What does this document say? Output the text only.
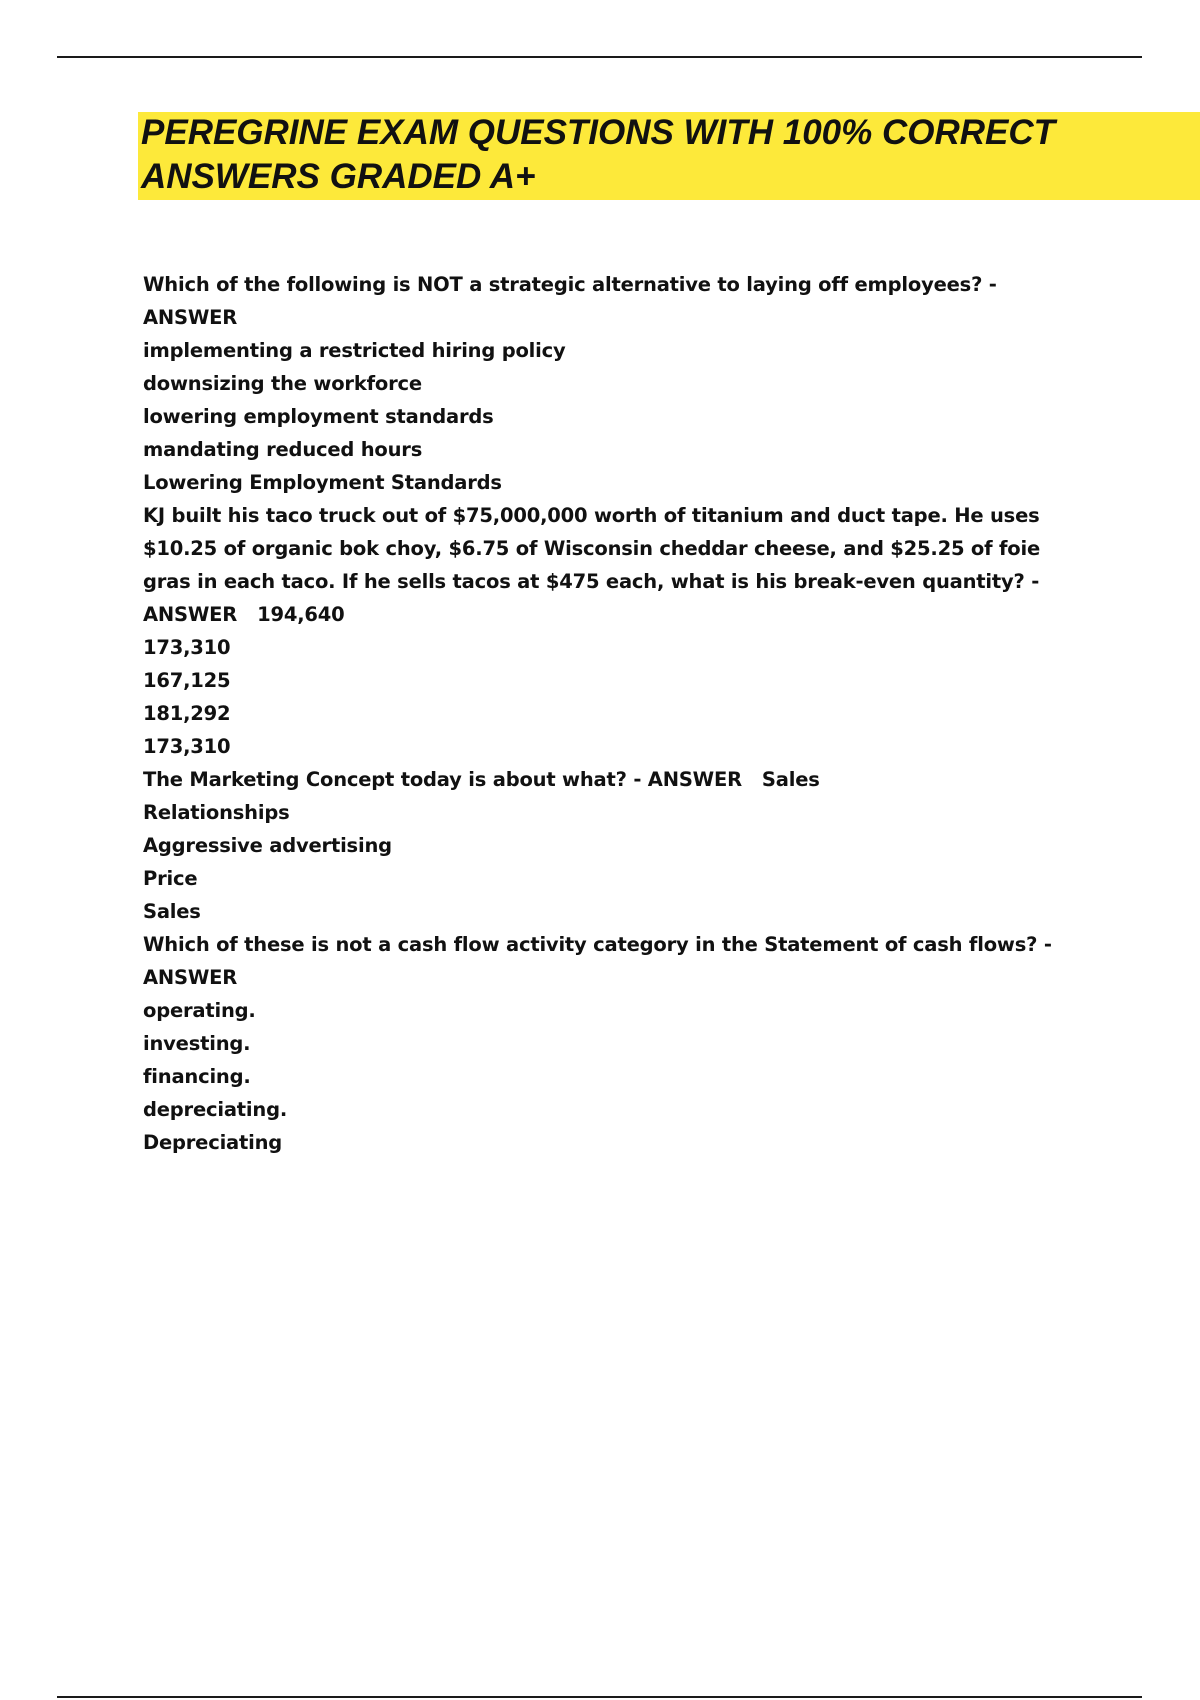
PEREGRINE EXAM QUESTIONS WITH 100% CORRECT ANSWERS GRADED A+

Which of the following is NOT a strategic alternative to laying off employees? - ANSWER
implementing a restricted hiring policy

downsizing the workforce

lowering employment standards

mandating reduced hours

Lowering Employment Standards

KJ built his taco truck out of $75,000,000 worth of titanium and duct tape. He uses $10.25 of organic bok choy, $6.75 of Wisconsin cheddar cheese, and $25.25 of foie gras in each taco. If he sells tacos at $475 each, what is his break-even quantity? - ANSWER 194,640

173,310

167,125

181,292

173,310

The Marketing Concept today is about what? - ANSWER Sales

Relationships

Aggressive advertising

Price

Sales

Which of these is not a cash flow activity category in the Statement of cash flows? - ANSWER
operating.

investing.

financing.

depreciating.

Depreciating
